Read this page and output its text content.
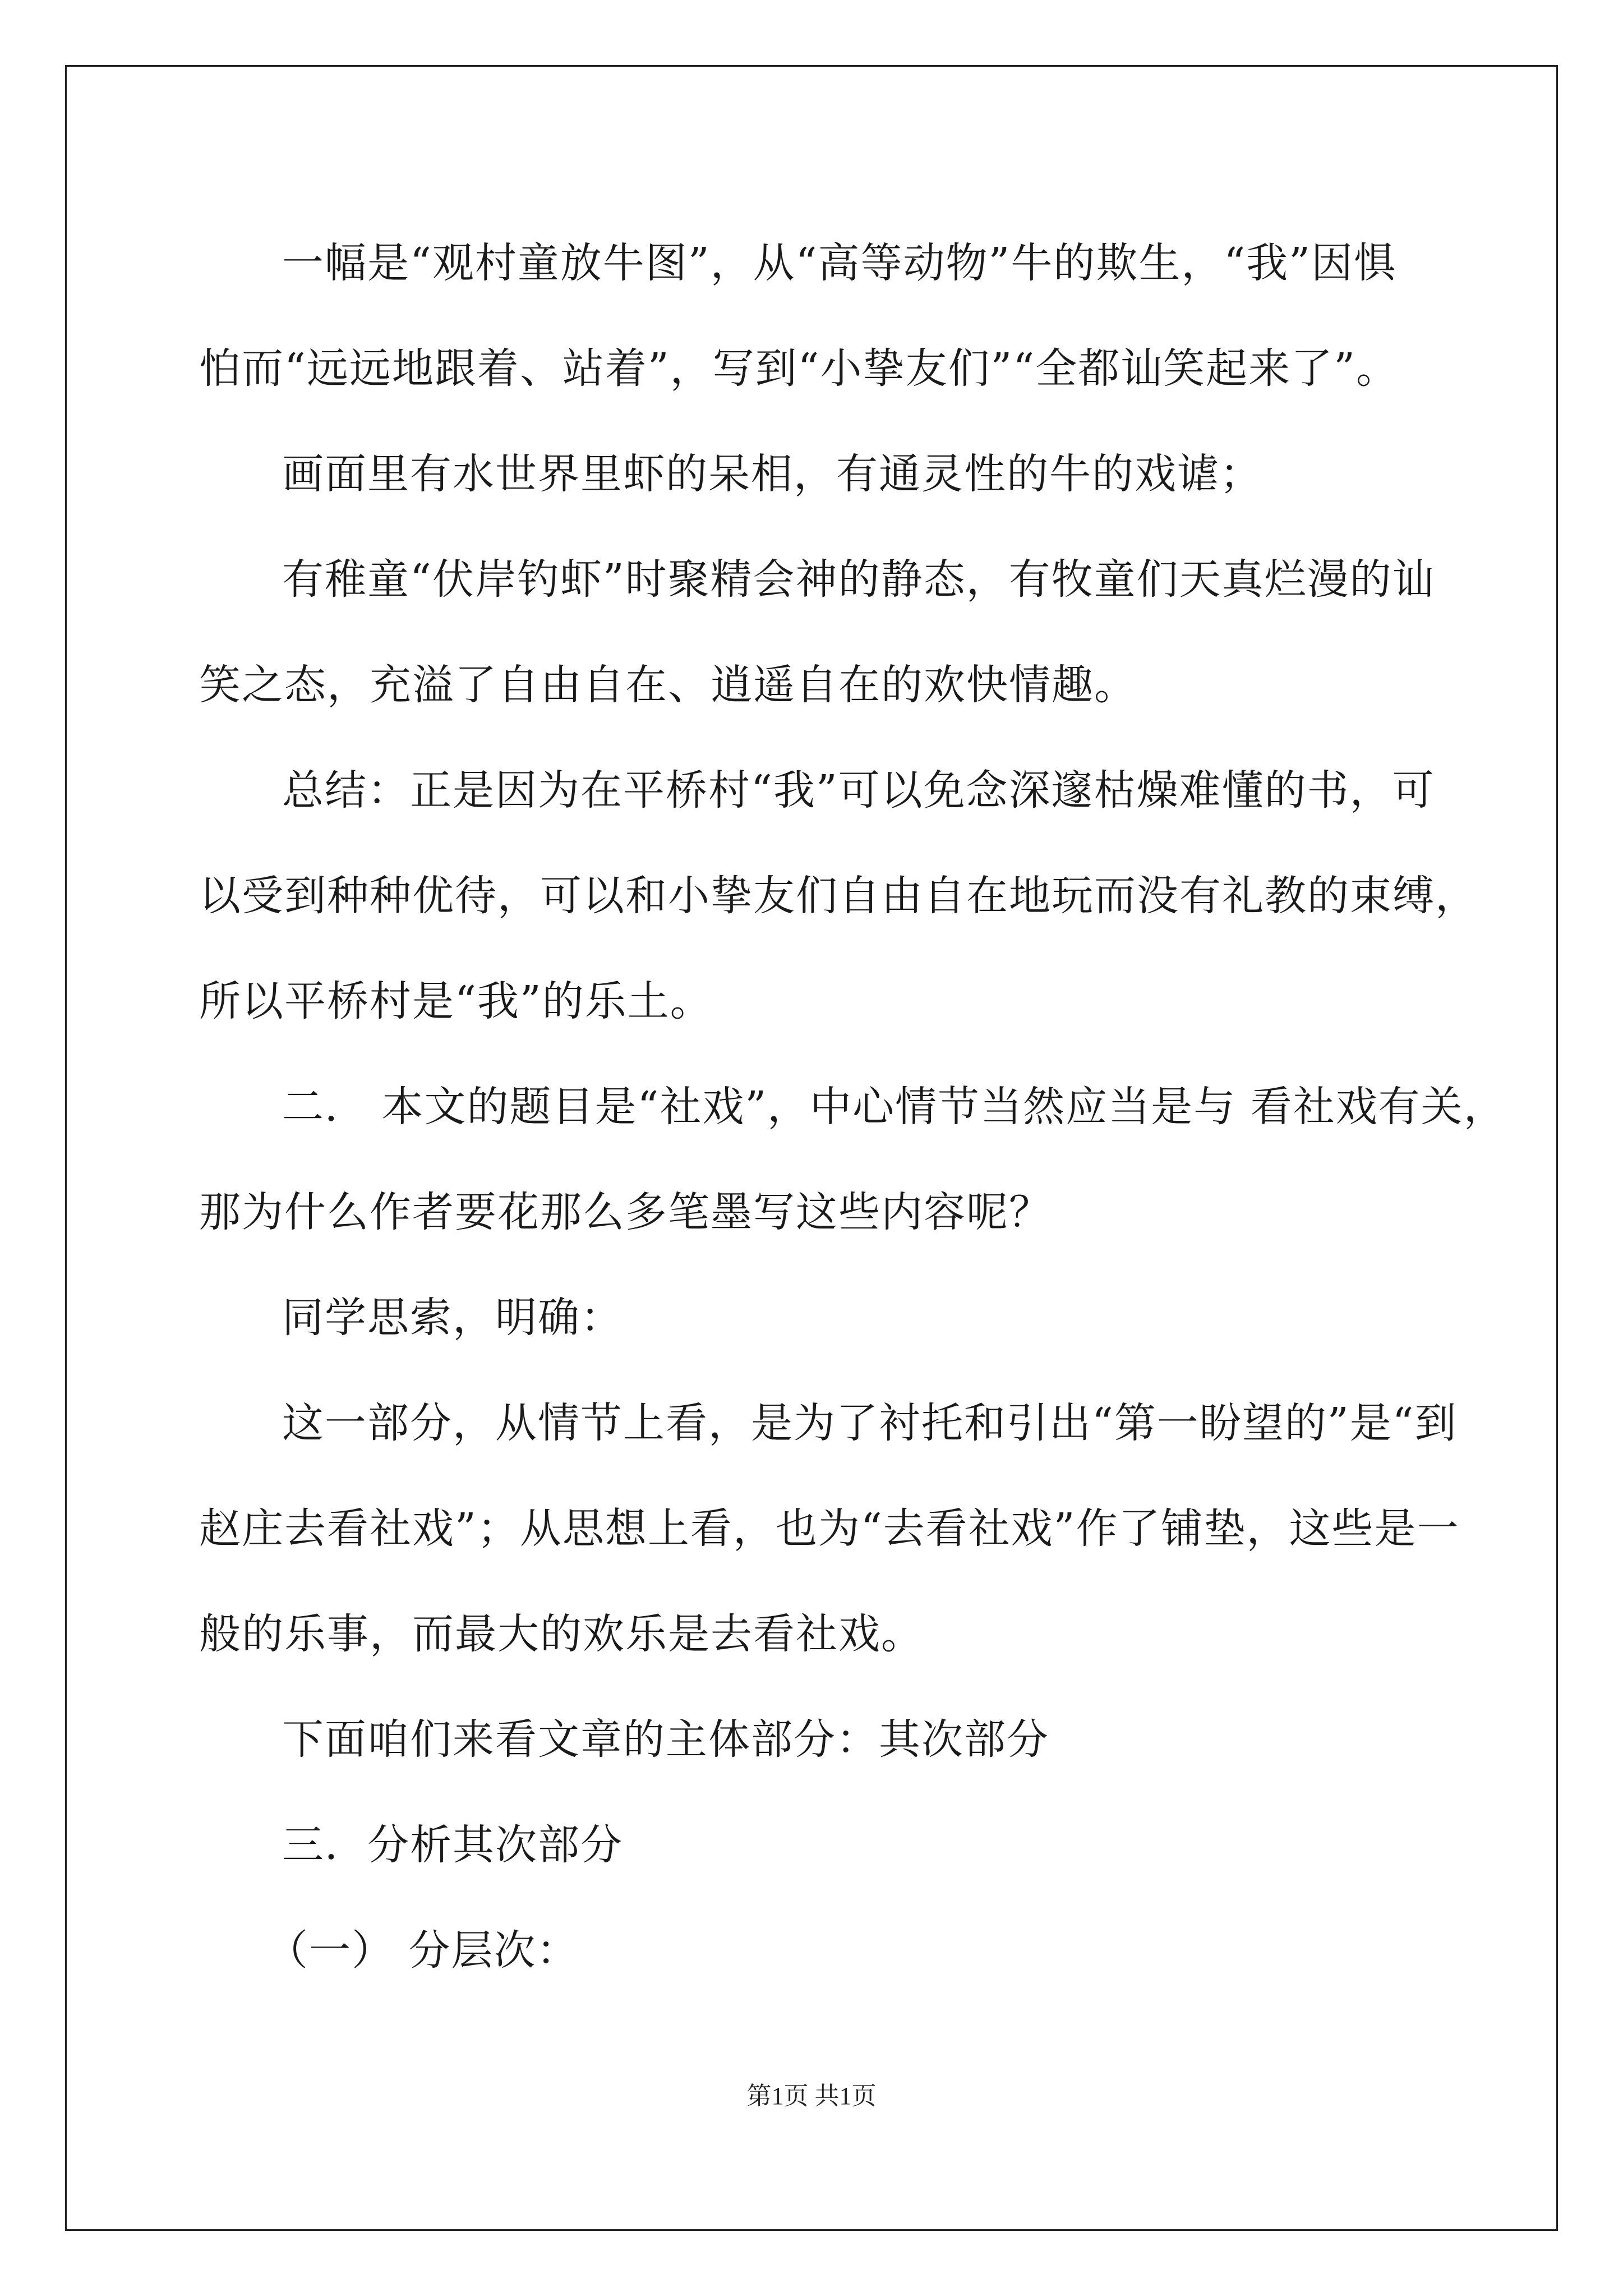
一幅是“观村童放牛图”，从“高等动物”牛的欺生，“我”因惧

怕而“远远地跟着、站着”，写到“小挚友们”“全都讪笑起来了”。

画面里有水世界里虾的呆相，有通灵性的牛的戏谑；

有稚童“伏岸钓虾”时聚精会神的静态，有牧童们天真烂漫的讪

笑之态，充溢了自由自在、逍遥自在的欢快情趣。

总结：正是因为在平桥村“我”可以免念深邃枯燥难懂的书，可

以受到种种优待，可以和小挚友们自由自在地玩而没有礼教的束缚，

所以平桥村是“我”的乐土。

二． 本文的题目是“社戏”，中心情节当然应当是与 看社戏有关，

那为什么作者要花那么多笔墨写这些内容呢？

同学思索，明确：

这一部分，从情节上看，是为了衬托和引出“第一盼望的”是“到

赵庄去看社戏”；从思想上看，也为“去看社戏”作了铺垫，这些是一

般的乐事，而最大的欢乐是去看社戏。

下面咱们来看文章的主体部分：其次部分

三．分析其次部分

（一） 分层次：

第1页 共1页
